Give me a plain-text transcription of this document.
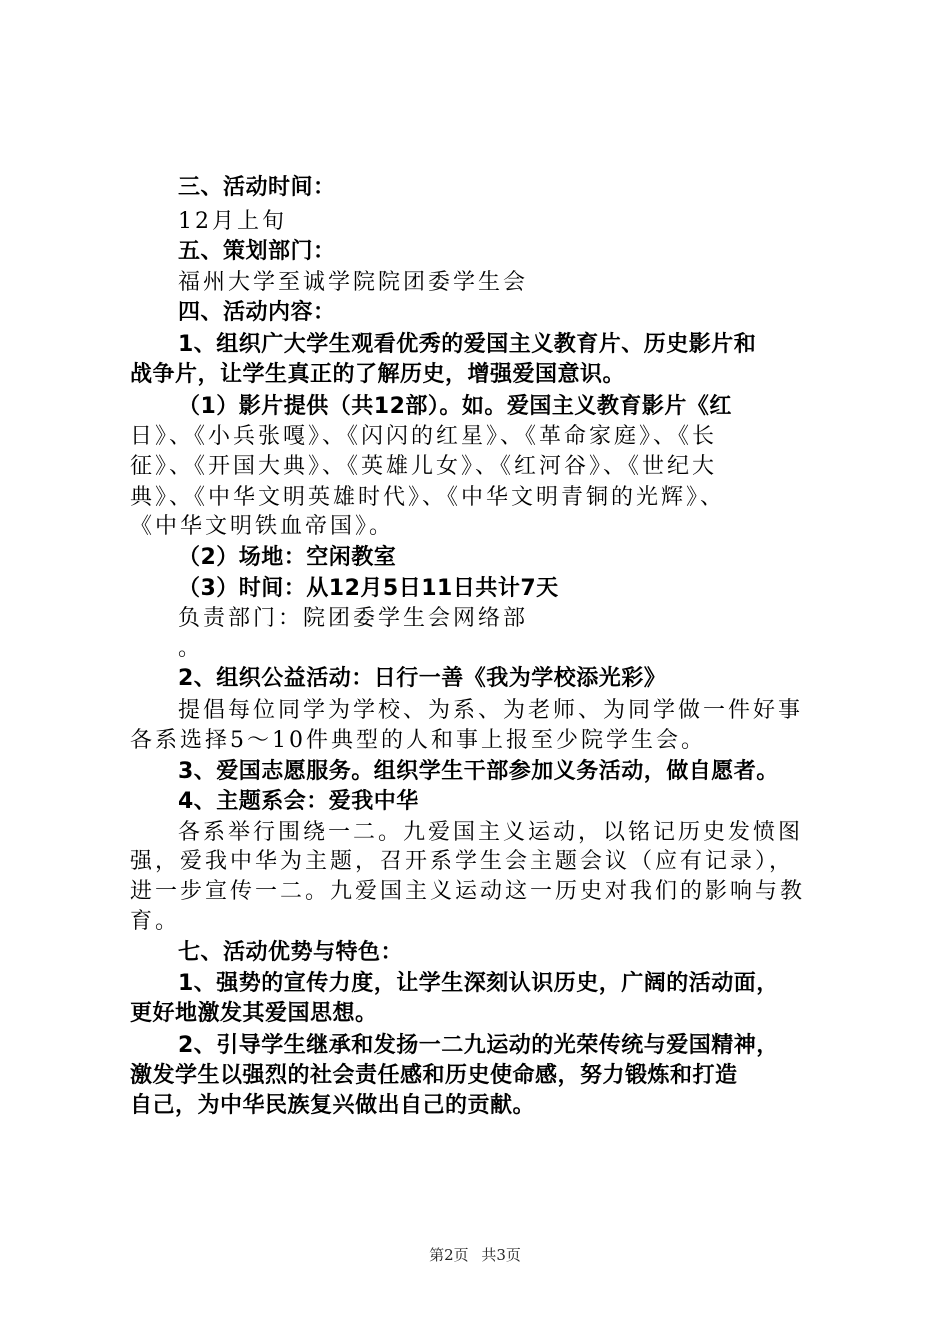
三、活动时间：
12月上旬
五、策划部门：
福州大学至诚学院院团委学生会
四、活动内容：
1、组织广大学生观看优秀的爱国主义教育片、历史影片和
战争片，让学生真正的了解历史，增强爱国意识。
（1）影片提供（共12部）。如。爱国主义教育影片《红
日》、《小兵张嘎》、《闪闪的红星》、《革命家庭》、《长
征》、《开国大典》、《英雄儿女》、《红河谷》、《世纪大
典》、《中华文明英雄时代》、《中华文明青铜的光辉》、
《中华文明铁血帝国》。
（2）场地：空闲教室
（3）时间：从12月5日11日共计7天
负责部门：院团委学生会网络部
。
2、组织公益活动：日行一善《我为学校添光彩》
提倡每位同学为学校、为系、为老师、为同学做一件好事
各系选择5～10件典型的人和事上报至少院学生会。
3、爱国志愿服务。组织学生干部参加义务活动，做自愿者。
4、主题系会：爱我中华
各系举行围绕一二。九爱国主义运动，以铭记历史发愤图
强，爱我中华为主题，召开系学生会主题会议（应有记录），
进一步宣传一二。九爱国主义运动这一历史对我们的影响与教
育。
七、活动优势与特色：
1、强势的宣传力度，让学生深刻认识历史，广阔的活动面，
更好地激发其爱国思想。
2、引导学生继承和发扬一二九运动的光荣传统与爱国精神，
激发学生以强烈的社会责任感和历史使命感，努力锻炼和打造
自己，为中华民族复兴做出自己的贡献。
第2页 共3页
